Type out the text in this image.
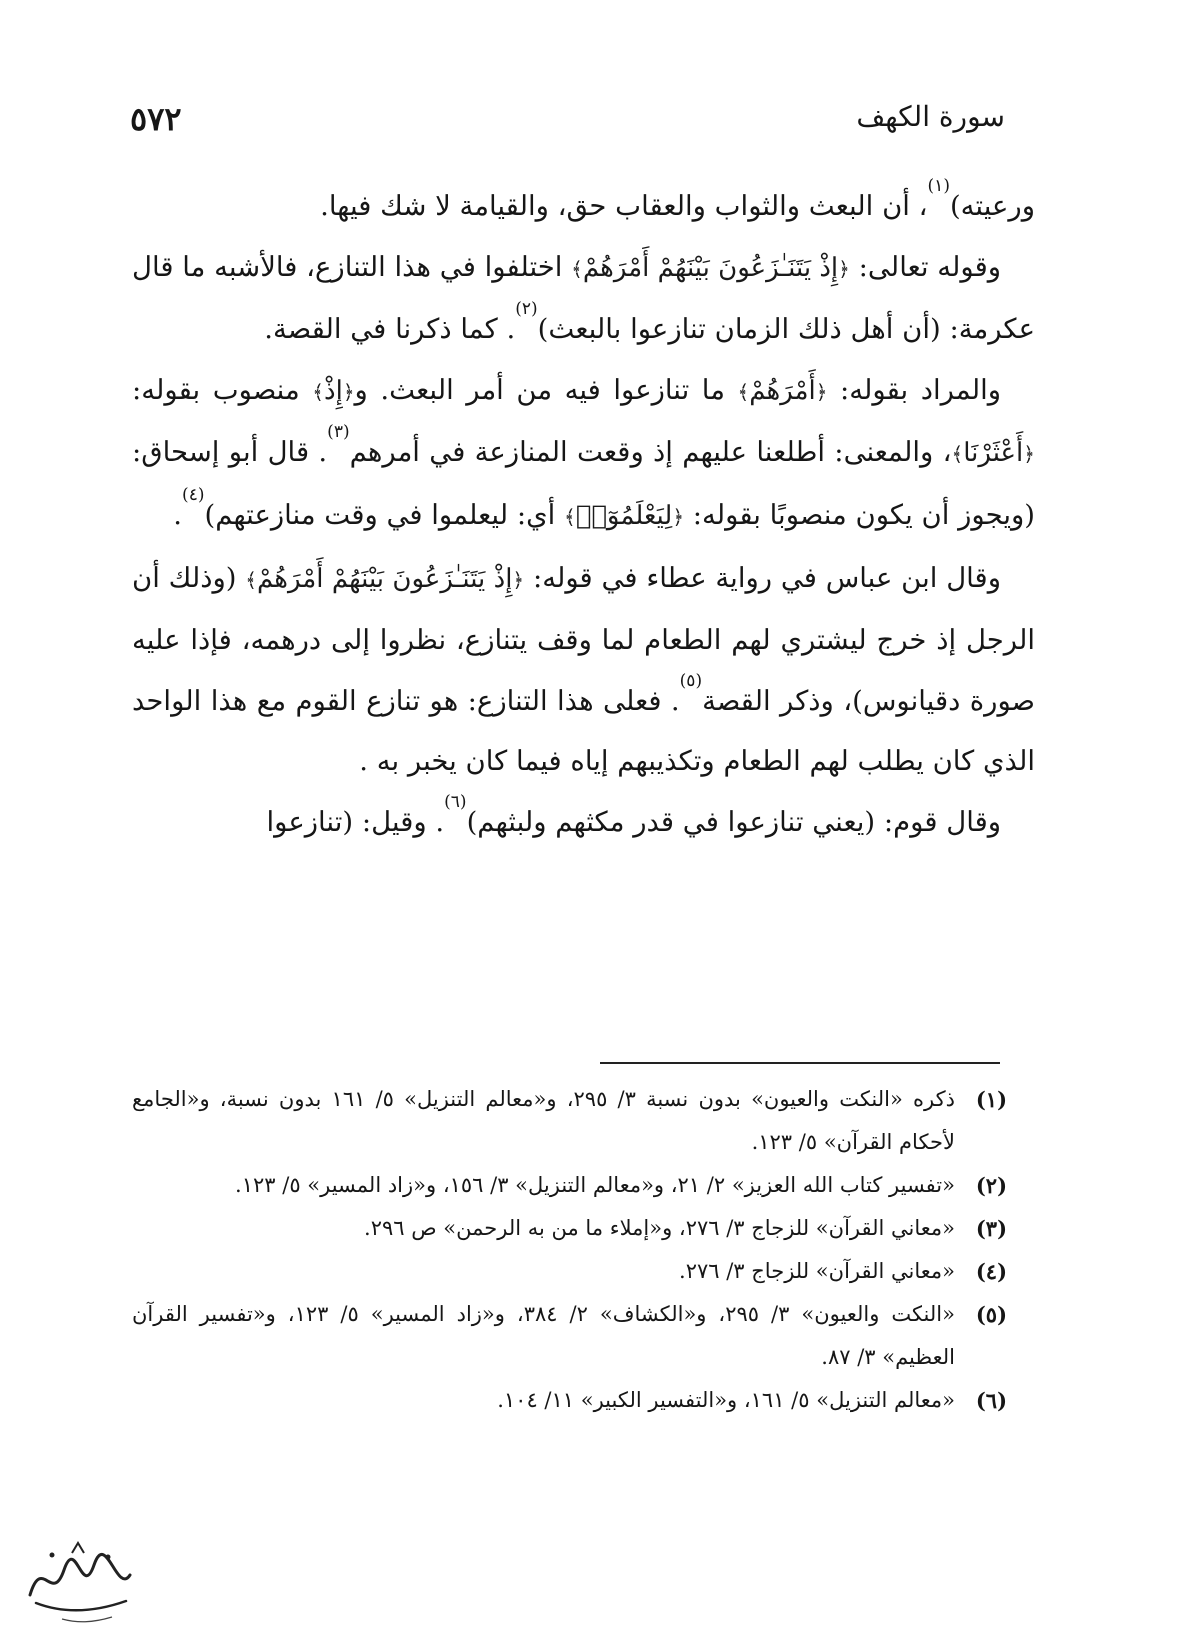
٥٧٢	سورة الكهف

ورعيته)$^{(١)}$، أن البعث والثواب والعقاب حق، والقيامة لا شك فيها.

وقوله تعالى: ﴿إِذْ يَتَنَـٰزَعُونَ بَيْنَهُمْ أَمْرَهُمْ﴾ اختلفوا في هذا التنازع، فالأشبه ما قال عكرمة: (أن أهل ذلك الزمان تنازعوا بالبعث)$^{(٢)}$. كما ذكرنا في القصة.

والمراد بقوله: ﴿أَمْرَهُمْ﴾ ما تنازعوا فيه من أمر البعث. و﴿إِذْ﴾ منصوب بقوله: ﴿أَعْثَرْنَا﴾، والمعنى: أطلعنا عليهم إذ وقعت المنازعة في أمرهم$^{(٣)}$. قال أبو إسحاق: (ويجوز أن يكون منصوبًا بقوله: ﴿لِيَعْلَمُوٓا۟﴾ أي: ليعلموا في وقت منازعتهم)$^{(٤)}$.

وقال ابن عباس في رواية عطاء في قوله: ﴿إِذْ يَتَنَـٰزَعُونَ بَيْنَهُمْ أَمْرَهُمْ﴾ (وذلك أن الرجل إذ خرج ليشتري لهم الطعام لما وقف يتنازع، نظروا إلى درهمه، فإذا عليه صورة دقيانوس)، وذكر القصة$^{(٥)}$. فعلى هذا التنازع: هو تنازع القوم مع هذا الواحد الذي كان يطلب لهم الطعام وتكذيبهم إياه فيما كان يخبر به .

وقال قوم: (يعني تنازعوا في قدر مكثهم ولبثهم)$^{(٦)}$. وقيل: (تنازعوا

(١)
ذكره «النكت والعيون» بدون نسبة ٣/ ٢٩٥، و«معالم التنزيل» ٥/ ١٦١ بدون نسبة، و«الجامع لأحكام القرآن» ٥/ ١٢٣.
(٢)
«تفسير كتاب الله العزيز» ٢/ ٢١، و«معالم التنزيل» ٣/ ١٥٦، و«زاد المسير» ٥/ ١٢٣.
(٣)
«معاني القرآن» للزجاج ٣/ ٢٧٦، و«إملاء ما من به الرحمن» ص ٢٩٦.
(٤)
«معاني القرآن» للزجاج ٣/ ٢٧٦.
(٥)
«النكت والعيون» ٣/ ٢٩٥، و«الكشاف» ٢/ ٣٨٤، و«زاد المسير» ٥/ ١٢٣، و«تفسير القرآن العظيم» ٣/ ٨٧.
(٦)
«معالم التنزيل» ٥/ ١٦١، و«التفسير الكبير» ١١/ ١٠٤.
